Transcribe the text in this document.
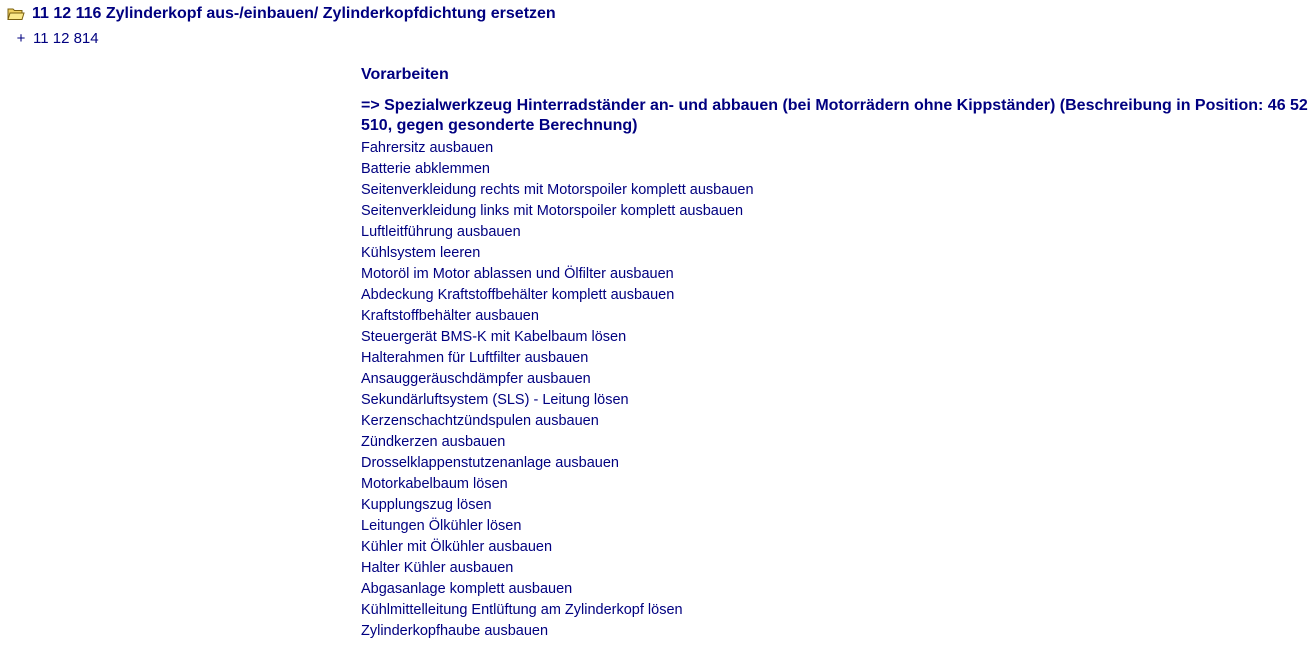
11 12 116 Zylinderkopf aus-/einbauen/ Zylinderkopfdichtung ersetzen
+ 11 12 814
Vorarbeiten
=> Spezialwerkzeug Hinterradständer an- und abbauen (bei Motorrädern ohne Kippständer) (Beschreibung in Position: 46 52 510, gegen gesonderte Berechnung)
Fahrersitz ausbauen
Batterie abklemmen
Seitenverkleidung rechts mit Motorspoiler komplett ausbauen
Seitenverkleidung links mit Motorspoiler komplett ausbauen
Luftleitführung ausbauen
Kühlsystem leeren
Motoröl im Motor ablassen und Ölfilter ausbauen
Abdeckung Kraftstoffbehälter komplett ausbauen
Kraftstoffbehälter ausbauen
Steuergerät BMS-K mit Kabelbaum lösen
Halterahmen für Luftfilter ausbauen
Ansauggeräuschdämpfer ausbauen
Sekundärluftsystem (SLS) - Leitung lösen
Kerzenschachtzündspulen ausbauen
Zündkerzen ausbauen
Drosselklappenstutzenanlage ausbauen
Motorkabelbaum lösen
Kupplungszug lösen
Leitungen Ölkühler lösen
Kühler mit Ölkühler ausbauen
Halter Kühler ausbauen
Abgasanlage komplett ausbauen
Kühlmittelleitung Entlüftung am Zylinderkopf lösen
Zylinderkopfhaube ausbauen
